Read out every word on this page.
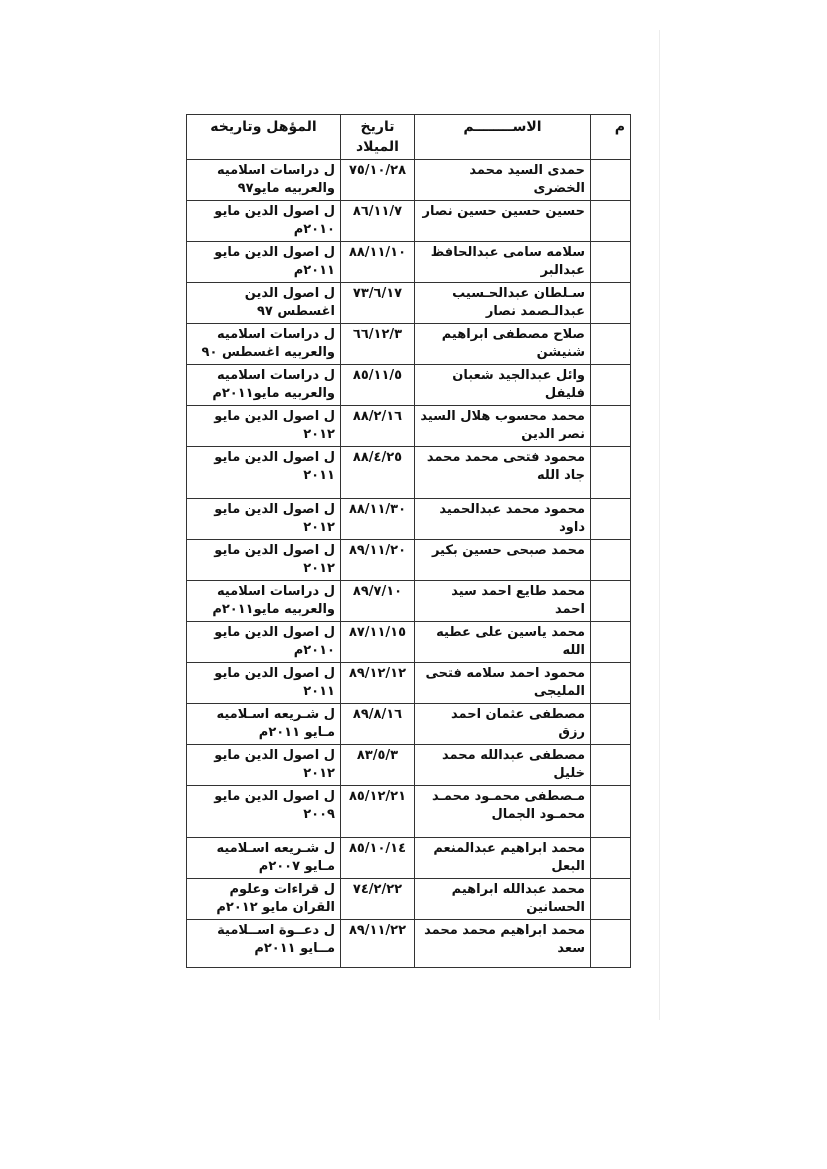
م	الاســــــــم	تاريخ الميلاد	المؤهل وتاريخه
	حمدى السيد محمد الخضرى	٧٥/١٠/٢٨	ل دراسات اسلاميه والعربيه مايو٩٧
	حسين حسين حسين نصار	٨٦/١١/٧	ل اصول الدين مايو ٢٠١٠م
	سلامه سامى عبدالحافظ عبدالبر	٨٨/١١/١٠	ل اصول الدين مايو ٢٠١١م
	سـلطان عبدالحـسيب عبدالـصمد نصار	٧٣/٦/١٧	ل اصول الدين اغسطس ٩٧
	صلاح مصطفى ابراهيم شنيشن	٦٦/١٢/٣	ل دراسات اسلاميه والعربيه اغسطس ٩٠
	وائل عبدالجيد شعبان فليفل	٨٥/١١/٥	ل دراسات اسلاميه والعربيه مايو٢٠١١م
	محمد محسوب هلال السيد نصر الدين	٨٨/٢/١٦	ل اصول الدين مايو ٢٠١٢
	محمود فتحى محمد محمد جاد الله	٨٨/٤/٢٥	ل اصول الدين مايو ٢٠١١
	محمود محمد عبدالحميد داود	٨٨/١١/٣٠	ل اصول الدين مايو ٢٠١٢
	محمد صبحى حسين بكير	٨٩/١١/٢٠	ل اصول الدين مايو ٢٠١٢
	محمد طايع احمد سيد احمد	٨٩/٧/١٠	ل دراسات اسلاميه والعربيه مايو٢٠١١م
	محمد ياسين على عطيه الله	٨٧/١١/١٥	ل اصول الدين مايو ٢٠١٠م
	محمود احمد سلامه فتحى المليجى	٨٩/١٢/١٢	ل اصول الدين مايو ٢٠١١
	مصطفى عثمان احمد رزق	٨٩/٨/١٦	ل شـريعه اسـلاميه مـايو ٢٠١١م
	مصطفى عبدالله محمد خليل	٨٣/٥/٣	ل اصول الدين مايو ٢٠١٢
	مـصطفى محمـود محمـد محمـود الجمال	٨٥/١٢/٢١	ل اصول الدين مايو ٢٠٠٩
	محمد ابراهيم عبدالمنعم البعل	٨٥/١٠/١٤	ل شـريعه اسـلاميه مـايو ٢٠٠٧م
	محمد عبدالله ابراهيم الحسانين	٧٤/٢/٢٢	ل قراءات وعلوم القران مايو ٢٠١٢م
	محمد ابراهيم محمد محمد سعد	٨٩/١١/٢٢	ل دعــوة اســلامية مــايو ٢٠١١م
